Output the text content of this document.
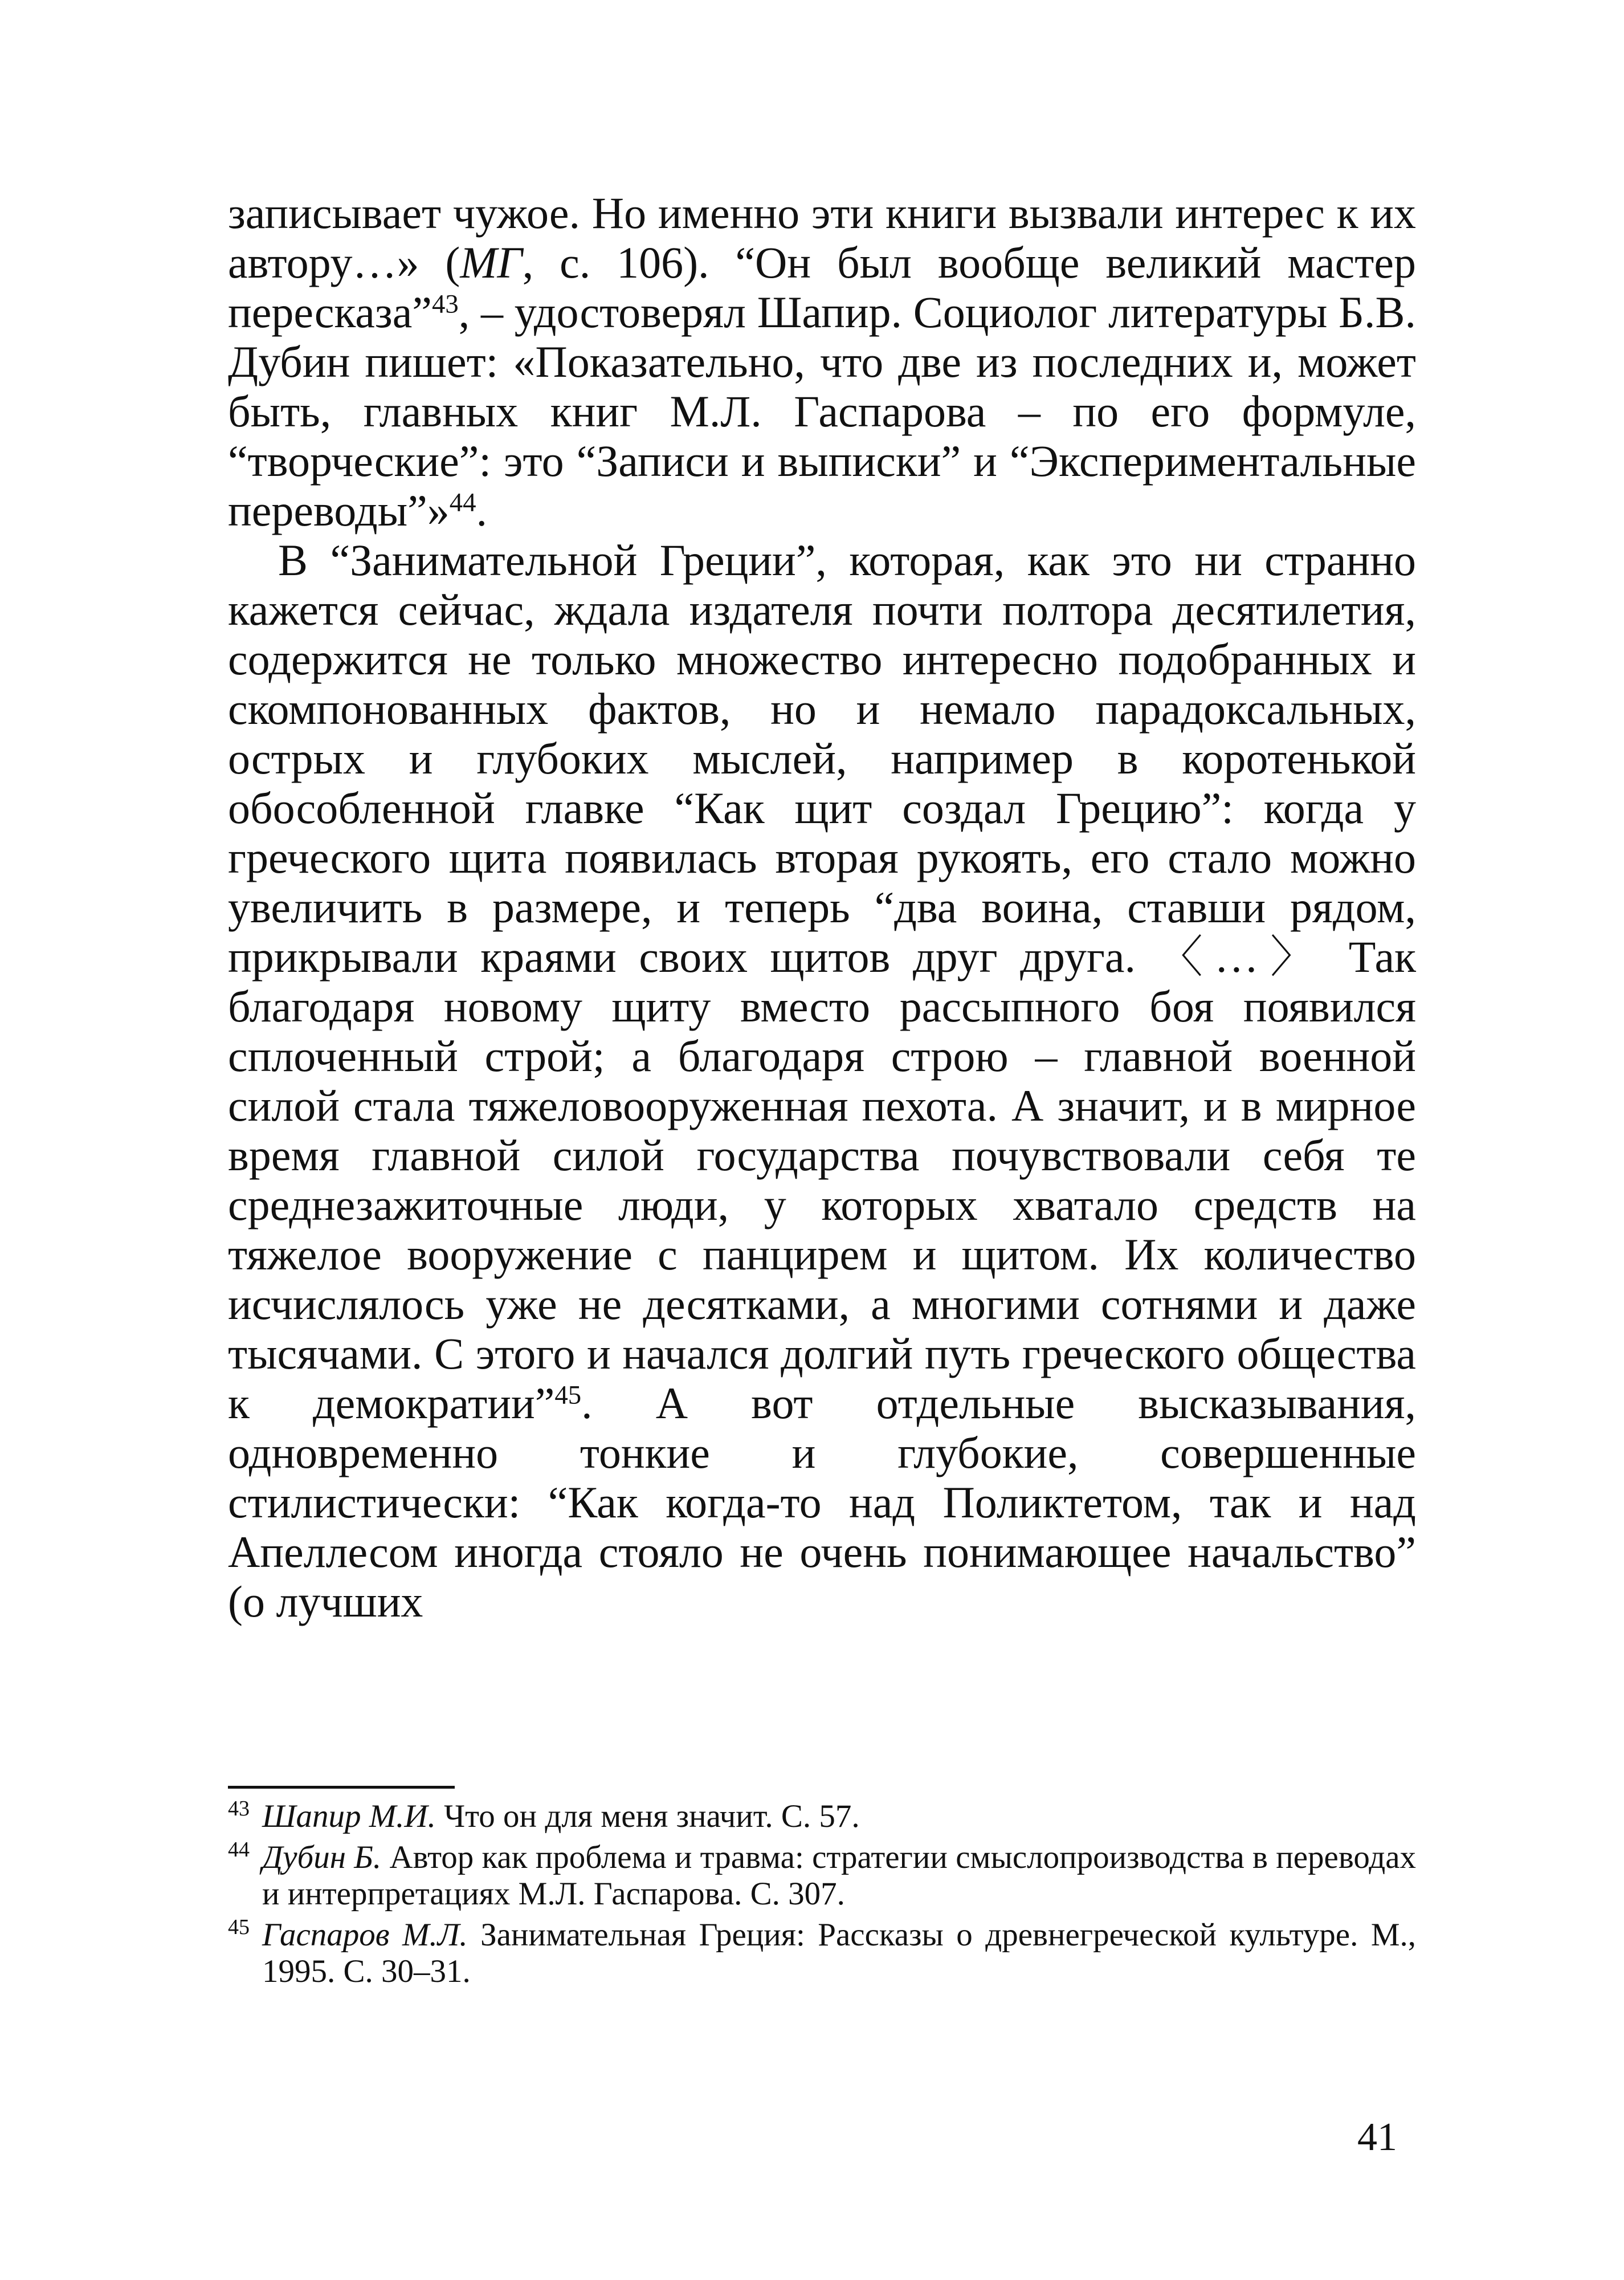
записывает чужое. Но именно эти книги вызвали интерес к их автору…» (МГ, с. 106). “Он был вообще великий мастер пересказа”$^{43}$, – удостоверял Шапир. Социолог литературы Б.В. Дубин пишет: «Показательно, что две из последних и, может быть, главных книг М.Л. Гаспарова – по его формуле, “творческие”: это “Записи и выписки” и “Экспериментальные переводы”»$^{44}$.

В “Занимательной Греции”, которая, как это ни странно кажется сейчас, ждала издателя почти полтора десятилетия, содержится не только множество интересно подобранных и скомпонованных фактов, но и немало парадоксальных, острых и глубоких мыслей, например в коротенькой обособленной главке “Как щит создал Грецию”: когда у греческого щита появилась вторая рукоять, его стало можно увеличить в размере, и теперь “два воина, ставши рядом, прикрывали краями своих щитов друг друга. 〈…〉 Так благодаря новому щиту вместо рассыпного боя появился сплоченный строй; а благодаря строю – главной военной силой стала тяжеловооруженная пехота. А значит, и в мирное время главной силой государства почувствовали себя те среднезажиточные люди, у которых хватало средств на тяжелое вооружение с панцирем и щитом. Их количество исчислялось уже не десятками, а многими сотнями и даже тысячами. С этого и начался долгий путь греческого общества к демократии”$^{45}$. А вот отдельные высказывания, одновременно тонкие и глубокие, совершенные стилистически: “Как когда-то над Поликтетом, так и над Апеллесом иногда стояло не очень понимающее начальство” (о лучших

43 Шапир М.И. Что он для меня значит. С. 57.

44 Дубин Б. Автор как проблема и травма: стратегии смыслопроизводства в переводах и интерпретациях М.Л. Гаспарова. С. 307.

45 Гаспаров М.Л. Занимательная Греция: Рассказы о древнегреческой культуре. М., 1995. С. 30–31.

41
